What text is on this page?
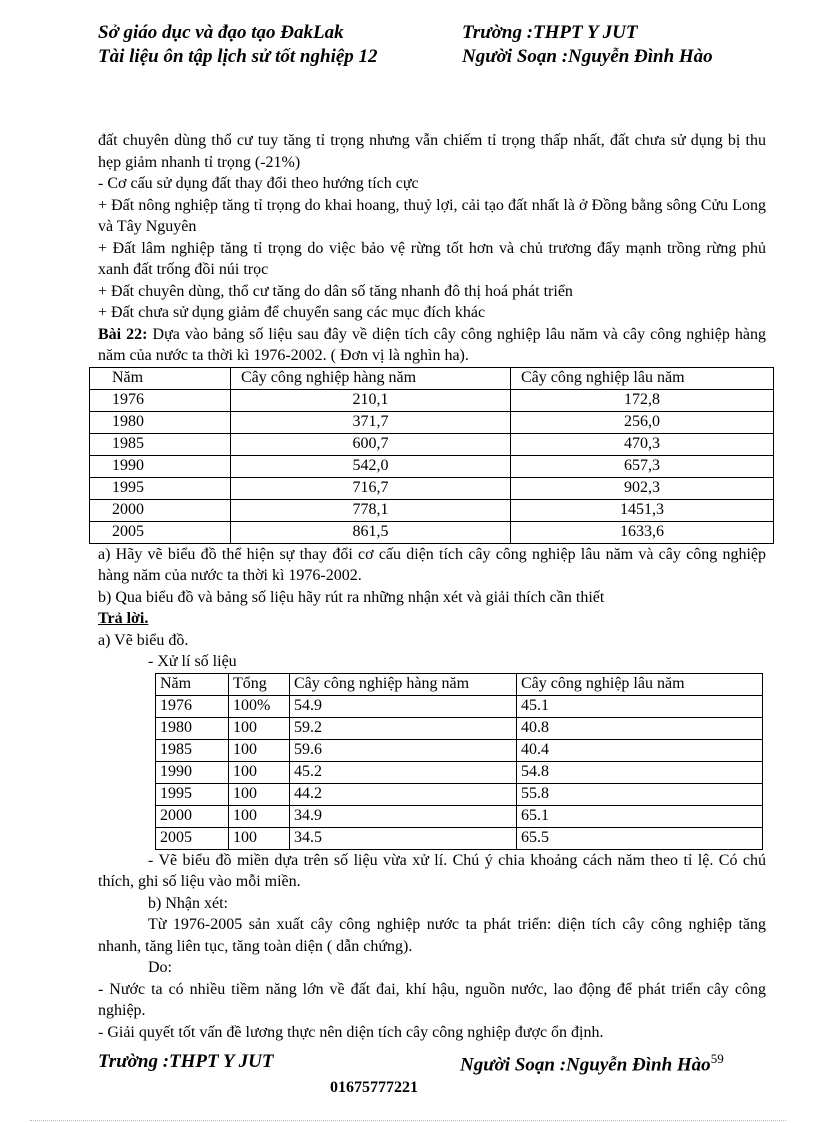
Sở giáo dục và đạo tạo ĐakLak	Trường :THPT Y JUT
Tài liệu ôn tập lịch sử tốt nghiệp 12	Người Soạn :Nguyễn Đình Hào

đất chuyên dùng thổ cư tuy tăng tỉ trọng nhưng vẫn chiếm tỉ trọng thấp nhất, đất chưa sử dụng bị thu hẹp giảm nhanh tỉ trọng (-21%)

- Cơ cấu sử dụng đất thay đổi theo hướng tích cực

+ Đất nông nghiệp tăng tỉ trọng do khai hoang, thuỷ lợi, cải tạo đất nhất là ở Đồng bằng sông Cửu Long và Tây Nguyên

+ Đất lâm nghiệp tăng tỉ trọng do việc bảo vệ rừng tốt hơn và chủ trương đẩy mạnh trồng rừng phủ xanh đất trống đồi núi trọc

+ Đất chuyên dùng, thổ cư tăng do dân số tăng nhanh đô thị hoá phát triển

+ Đất chưa sử dụng giảm để chuyển sang các mục đích khác

Bài 22: Dựa vào bảng số liệu sau đây về diện tích cây công nghiệp lâu năm và cây công nghiệp hàng năm của nước ta thời kì 1976-2002. ( Đơn vị là nghìn ha).

Năm	Cây công nghiệp hàng năm	Cây công nghiệp lâu năm
1976	210,1	172,8
1980	371,7	256,0
1985	600,7	470,3
1990	542,0	657,3
1995	716,7	902,3
2000	778,1	1451,3
2005	861,5	1633,6

a) Hãy vẽ biểu đồ thể hiện sự thay đổi cơ cấu diện tích cây công nghiệp lâu năm và cây công nghiệp hàng năm của nước ta thời kì 1976-2002.

b) Qua biểu đồ và bảng số liệu hãy rút ra những nhận xét và giải thích cần thiết

Trả lời.

a) Vẽ biểu đồ.

- Xử lí số liệu

Năm	Tổng	Cây công nghiệp hàng năm	Cây công nghiệp lâu năm
1976	100%	54.9	45.1
1980	100	59.2	40.8
1985	100	59.6	40.4
1990	100	45.2	54.8
1995	100	44.2	55.8
2000	100	34.9	65.1
2005	100	34.5	65.5

- Vẽ biểu đồ miền dựa trên số liệu vừa xử lí. Chú ý chia khoảng cách năm theo tỉ lệ. Có chú thích, ghi số liệu vào mỗi miền.

b) Nhận xét:

Từ 1976-2005 sản xuất cây công nghiệp nước ta phát triển: diện tích cây công nghiệp tăng nhanh, tăng liên tục, tăng toàn diện ( dẫn chứng).

Do:

- Nước ta có nhiều tiềm năng lớn về đất đai, khí hậu, nguồn nước, lao động để phát triển cây công nghiệp.

- Giải quyết tốt vấn đề lương thực nên diện tích cây công nghiệp được ổn định.

Trường :THPT Y JUT	Người Soạn :Nguyễn Đình Hào$^{59}$
01675777221
